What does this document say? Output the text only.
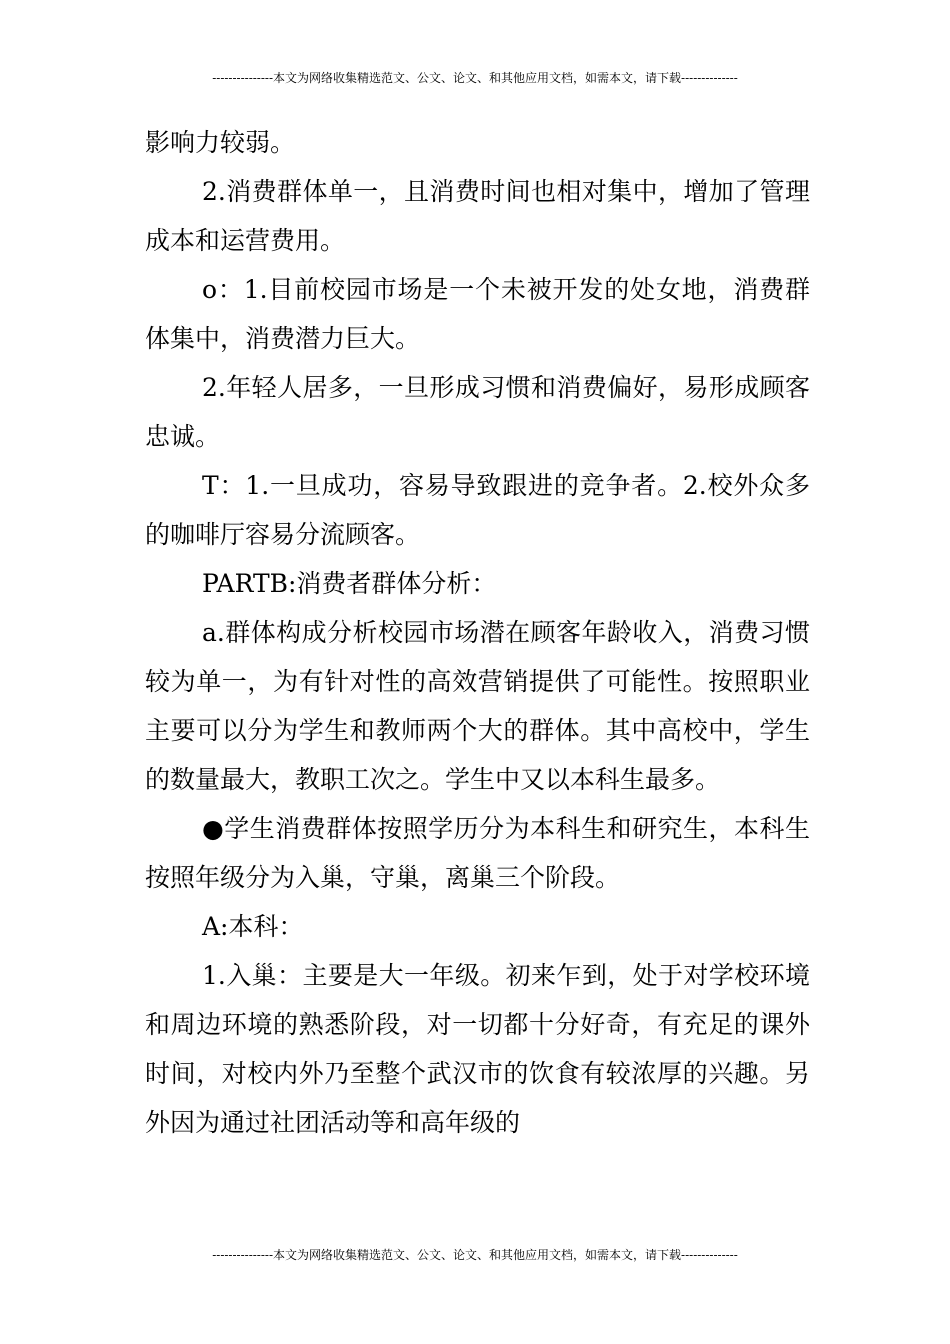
---------------本文为网络收集精选范文、公文、论文、和其他应用文档，如需本文，请下载--------------

影响力较弱。

2.消费群体单一，且消费时间也相对集中，增加了管理成本和运营费用。

o：1.目前校园市场是一个未被开发的处女地，消费群体集中，消费潜力巨大。

2.年轻人居多，一旦形成习惯和消费偏好，易形成顾客忠诚。

T：1.一旦成功，容易导致跟进的竞争者。2.校外众多的咖啡厅容易分流顾客。

PARTB:消费者群体分析：

a.群体构成分析校园市场潜在顾客年龄收入，消费习惯较为单一，为有针对性的高效营销提供了可能性。按照职业主要可以分为学生和教师两个大的群体。其中高校中，学生的数量最大，教职工次之。学生中又以本科生最多。

●学生消费群体按照学历分为本科生和研究生，本科生按照年级分为入巢，守巢，离巢三个阶段。

A:本科：

1.入巢：主要是大一年级。初来乍到，处于对学校环境和周边环境的熟悉阶段，对一切都十分好奇，有充足的课外时间，对校内外乃至整个武汉市的饮食有较浓厚的兴趣。另外因为通过社团活动等和高年级的

---------------本文为网络收集精选范文、公文、论文、和其他应用文档，如需本文，请下载--------------
